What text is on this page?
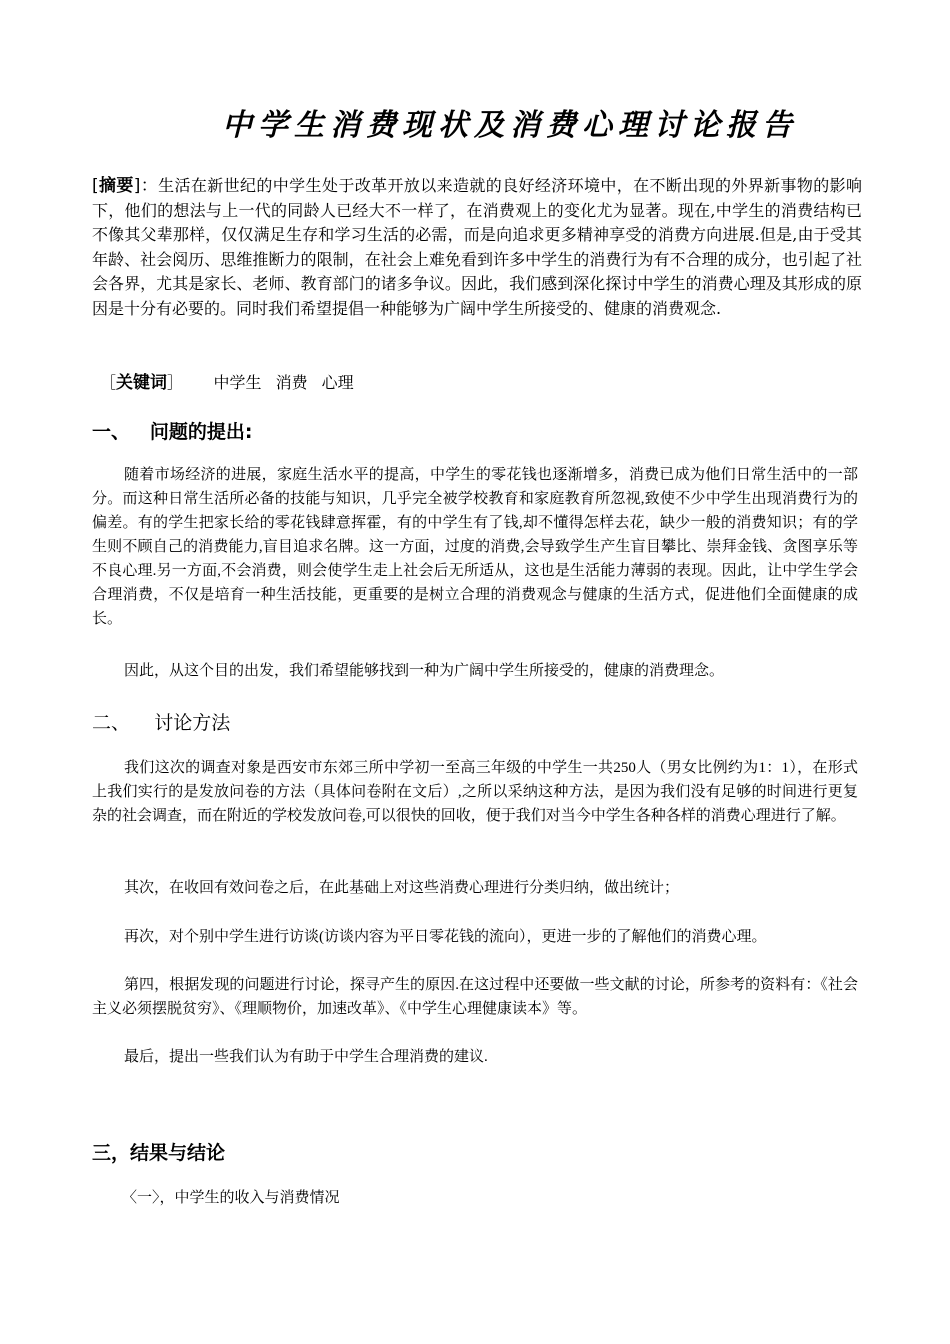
中学生消费现状及消费心理讨论报告
[摘要]：生活在新世纪的中学生处于改革开放以来造就的良好经济环境中，在不断出现的外界新事物的影响下，他们的想法与上一代的同龄人已经大不一样了，在消费观上的变化尤为显著。现在,中学生的消费结构已不像其父辈那样，仅仅满足生存和学习生活的必需，而是向追求更多精神享受的消费方向进展.但是,由于受其年龄、社会阅历、思维推断力的限制，在社会上难免看到许多中学生的消费行为有不合理的成分，也引起了社会各界，尤其是家长、老师、教育部门的诸多争议。因此，我们感到深化探讨中学生的消费心理及其形成的原因是十分有必要的。同时我们希望提倡一种能够为广阔中学生所接受的、健康的消费观念.
［关键词］ 中学生 消费 心理
一、 问题的提出:
随着市场经济的进展，家庭生活水平的提高，中学生的零花钱也逐渐增多，消费已成为他们日常生活中的一部分。而这种日常生活所必备的技能与知识，几乎完全被学校教育和家庭教育所忽视,致使不少中学生出现消费行为的偏差。有的学生把家长给的零花钱肆意挥霍，有的中学生有了钱,却不懂得怎样去花，缺少一般的消费知识；有的学生则不顾自己的消费能力,盲目追求名牌。这一方面，过度的消费,会导致学生产生盲目攀比、崇拜金钱、贪图享乐等不良心理.另一方面,不会消费，则会使学生走上社会后无所适从，这也是生活能力薄弱的表现。因此，让中学生学会合理消费，不仅是培育一种生活技能，更重要的是树立合理的消费观念与健康的生活方式，促进他们全面健康的成长。
因此，从这个目的出发，我们希望能够找到一种为广阔中学生所接受的，健康的消费理念。
二、 讨论方法
我们这次的调查对象是西安市东郊三所中学初一至高三年级的中学生一共250人（男女比例约为1：1），在形式上我们实行的是发放问卷的方法（具体问卷附在文后）,之所以采纳这种方法，是因为我们没有足够的时间进行更复杂的社会调查，而在附近的学校发放问卷,可以很快的回收，便于我们对当今中学生各种各样的消费心理进行了解。
其次，在收回有效问卷之后，在此基础上对这些消费心理进行分类归纳，做出统计；
再次，对个别中学生进行访谈(访谈内容为平日零花钱的流向），更进一步的了解他们的消费心理。
第四，根据发现的问题进行讨论，探寻产生的原因.在这过程中还要做一些文献的讨论，所参考的资料有：《社会主义必须摆脱贫穷》、《理顺物价，加速改革》、《中学生心理健康读本》等。
最后，提出一些我们认为有助于中学生合理消费的建议.
三，结果与结论
〈一〉，中学生的收入与消费情况
